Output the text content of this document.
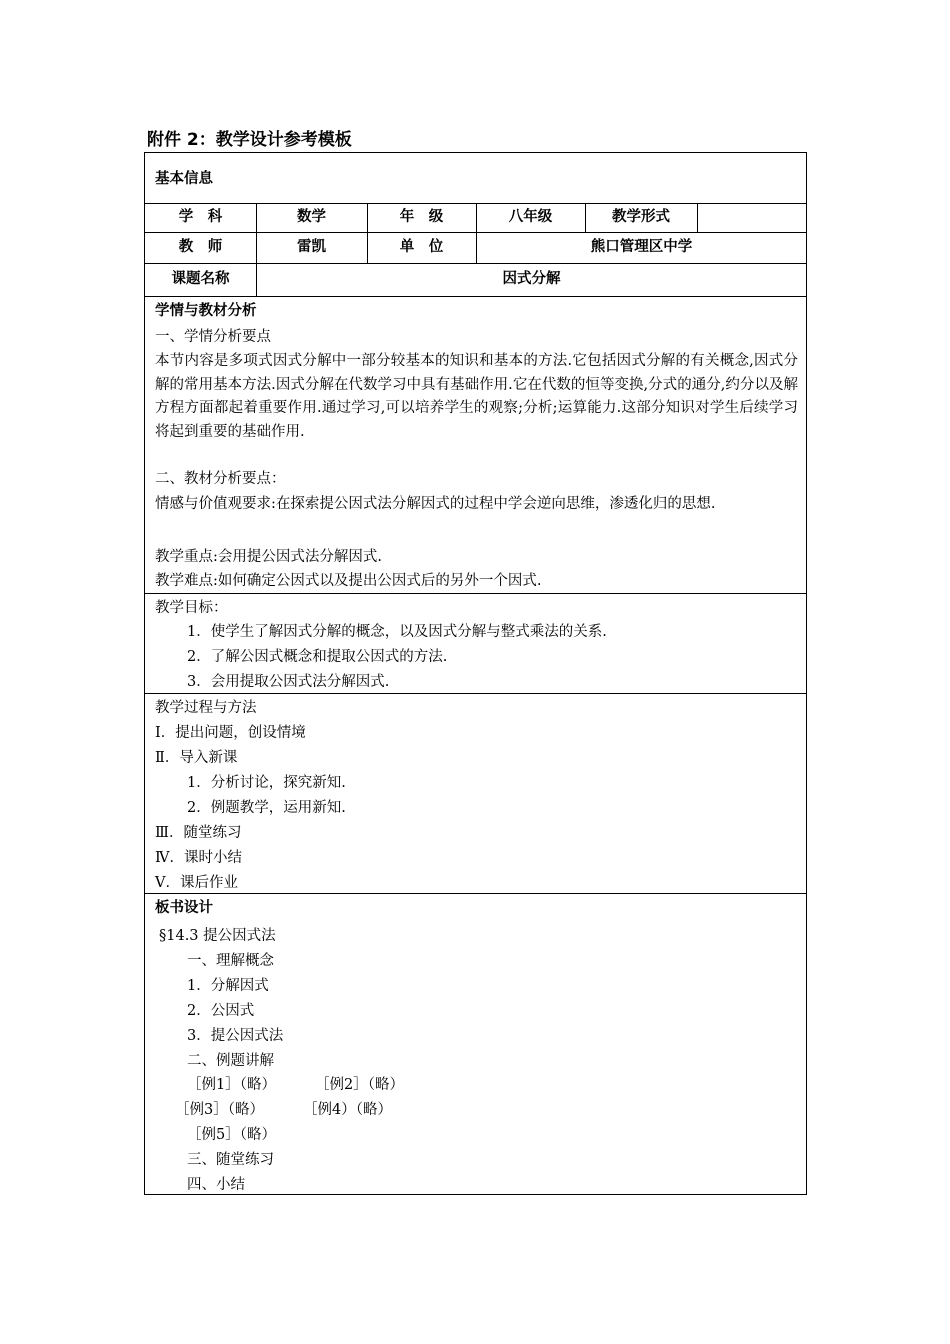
附件 2：教学设计参考模板
基本信息
学　科	数学	年　级	八年级	教学形式
教　师	雷凯	单　位	熊口管理区中学
课题名称	因式分解
学情与教材分析
一、学情分析要点
本节内容是多项式因式分解中一部分较基本的知识和基本的方法.它包括因式分解的有关概念,因式分解的常用基本方法.因式分解在代数学习中具有基础作用.它在代数的恒等变换,分式的通分,约分以及解方程方面都起着重要作用.通过学习,可以培养学生的观察;分析;运算能力.这部分知识对学生后续学习将起到重要的基础作用.
二、教材分析要点：
情感与价值观要求:在探索提公因式法分解因式的过程中学会逆向思维，渗透化归的思想.
教学重点:会用提公因式法分解因式.
教学难点:如何确定公因式以及提出公因式后的另外一个因式.
教学目标：
1．使学生了解因式分解的概念，以及因式分解与整式乘法的关系.
2．了解公因式概念和提取公因式的方法.
3．会用提取公因式法分解因式.
教学过程与方法
Ⅰ．提出问题，创设情境
Ⅱ．导入新课
1．分析讨论，探究新知.
2．例题教学，运用新知.
Ⅲ．随堂练习
Ⅳ．课时小结
Ⅴ．课后作业
板书设计
§14.3 提公因式法
一、理解概念
1．分解因式
2．公因式
3．提公因式法
二、例题讲解
［例1］（略）	［例2］（略）
［例3］（略）	［例4）（略）
［例5］（略）
三、随堂练习
四、小结
